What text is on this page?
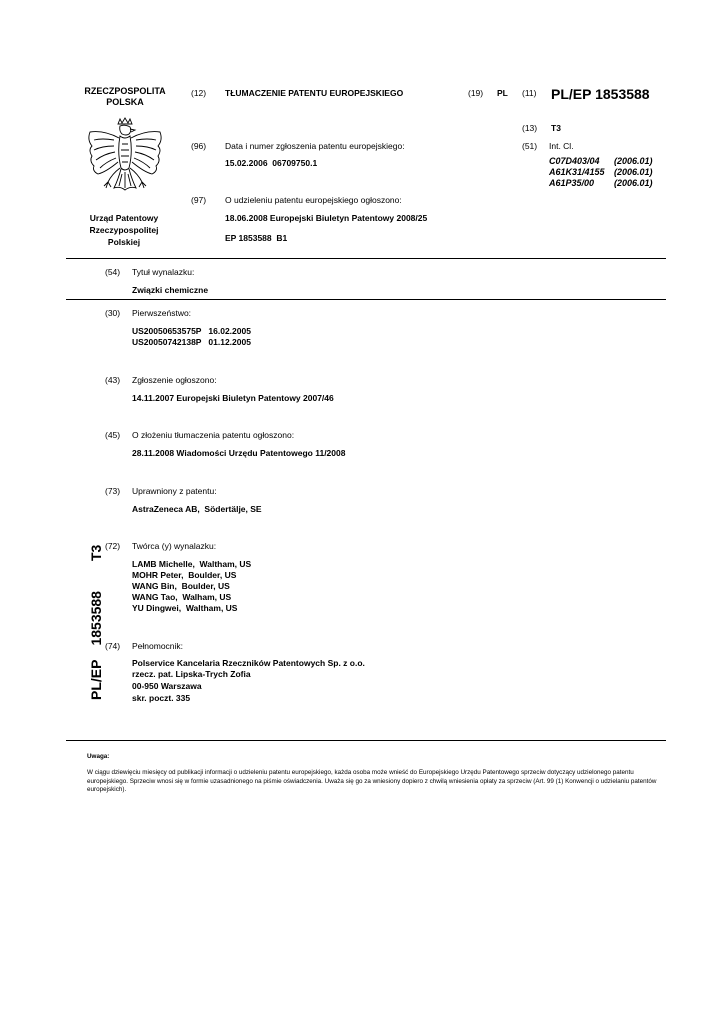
RZECZPOSPOLITA
POLSKA
Urząd Patentowy
Rzeczypospolitej
Polskiej
(12) TŁUMACZENIE PATENTU EUROPEJSKIEGO	(19) PL (11) PL/EP 1853588
(13) T3
(51) Int. Cl.
C07D403/04 (2006.01)
A61K31/4155 (2006.01)
A61P35/00 (2006.01)
(96) Data i numer zgłoszenia patentu europejskiego:
15.02.2006  06709750.1
(97) O udzieleniu patentu europejskiego ogłoszono:
18.06.2008 Europejski Biuletyn Patentowy 2008/25
EP 1853588  B1
(54) Tytuł wynalazku:
Związki chemiczne
(30) Pierwszeństwo:
US20050653575P   16.02.2005
US20050742138P   01.12.2005
(43) Zgłoszenie ogłoszono:
14.11.2007 Europejski Biuletyn Patentowy 2007/46
(45) O złożeniu tłumaczenia patentu ogłoszono:
28.11.2008 Wiadomości Urzędu Patentowego 11/2008
(73) Uprawniony z patentu:
AstraZeneca AB,  Södertälje, SE
(72) Twórca (y) wynalazku:
LAMB Michelle,  Waltham, US
MOHR Peter,  Boulder, US
WANG Bin,  Boulder, US
WANG Tao,  Walham, US
YU Dingwei,  Waltham, US
(74) Pełnomocnik:
Polservice Kancelaria Rzeczników Patentowych Sp. z o.o.
rzecz. pat. Lipska-Trych Zofia
00-950 Warszawa
skr. poczt. 335
PL/EP1853588T3
Uwaga:
W ciągu dziewięciu miesięcy od publikacji informacji o udzieleniu patentu europejskiego, każda osoba może wnieść do Europejskiego Urzędu Patentowego sprzeciw dotyczący udzielonego patentu europejskiego. Sprzeciw wnosi się w formie uzasadnionego na piśmie oświadczenia. Uważa się go za wniesiony dopiero z chwilą wniesienia opłaty za sprzeciw (Art. 99 (1) Konwencji o udzielaniu patentów europejskich).
